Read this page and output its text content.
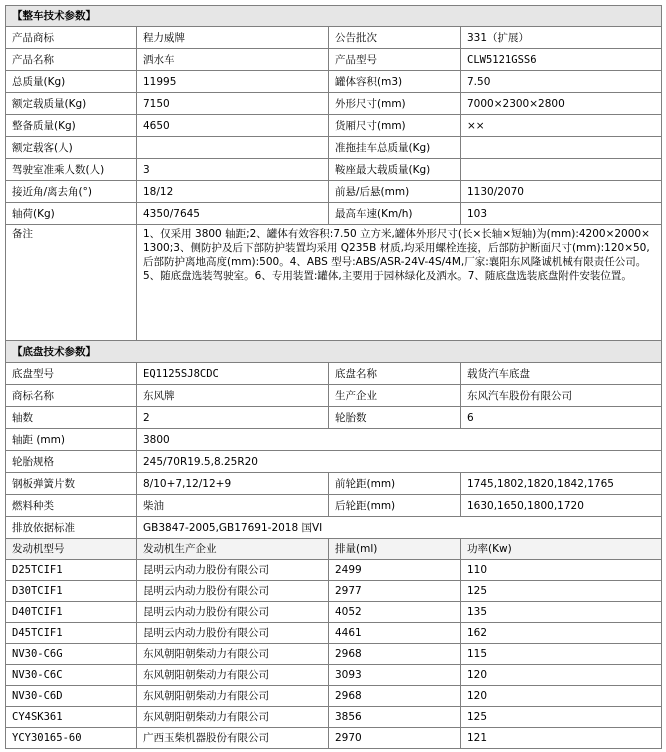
【整车技术参数】			
产品商标	程力威牌	公告批次	331（扩展）
产品名称	洒水车	产品型号	CLW5121GSS6
总质量(Kg)	11995	罐体容积(m3)	7.50
额定载质量(Kg)	7150	外形尺寸(mm)	7000×2300×2800
整备质量(Kg)	4650	货厢尺寸(mm)	××
额定载客(人)		准拖挂车总质量(Kg)	
驾驶室准乘人数(人)	3	鞍座最大载质量(Kg)	
接近角/离去角(°)	18/12	前悬/后悬(mm)	1130/2070
轴荷(Kg)	4350/7645	最高车速(Km/h)	103
备注	1、仅采用 3800 轴距;2、罐体有效容积:7.50 立方米,罐体外形尺寸(长×长轴×短轴)为(mm):4200×2000×1300;3、侧防护及后下部防护装置均采用 Q235B 材质,均采用螺栓连接，后部防护断面尺寸(mm):120×50,后部防护离地高度(mm):500。4、ABS 型号:ABS/ASR-24V-4S/4M,厂家:襄阳东风隆诚机械有限责任公司。5、随底盘选装驾驶室。6、专用装置:罐体,主要用于园林绿化及洒水。7、随底盘选装底盘附件安装位置。		
【底盘技术参数】			
底盘型号	EQ1125SJ8CDC	底盘名称	载货汽车底盘
商标名称	东风牌	生产企业	东风汽车股份有限公司
轴数	2	轮胎数	6
轴距 (mm)	3800		
轮胎规格	245/70R19.5,8.25R20		
钢板弹簧片数	8/10+7,12/12+9	前轮距(mm)	1745,1802,1820,1842,1765
燃料种类	柴油	后轮距(mm)	1630,1650,1800,1720
排放依据标准	GB3847-2005,GB17691-2018 国VI		
发动机型号	发动机生产企业	排量(ml)	功率(Kw)
D25TCIF1	昆明云内动力股份有限公司	2499	110
D30TCIF1	昆明云内动力股份有限公司	2977	125
D40TCIF1	昆明云内动力股份有限公司	4052	135
D45TCIF1	昆明云内动力股份有限公司	4461	162
NV30-C6G	东风朝阳朝柴动力有限公司	2968	115
NV30-C6C	东风朝阳朝柴动力有限公司	3093	120
NV30-C6D	东风朝阳朝柴动力有限公司	2968	120
CY4SK361	东风朝阳朝柴动力有限公司	3856	125
YCY30165-60	广西玉柴机器股份有限公司	2970	121
